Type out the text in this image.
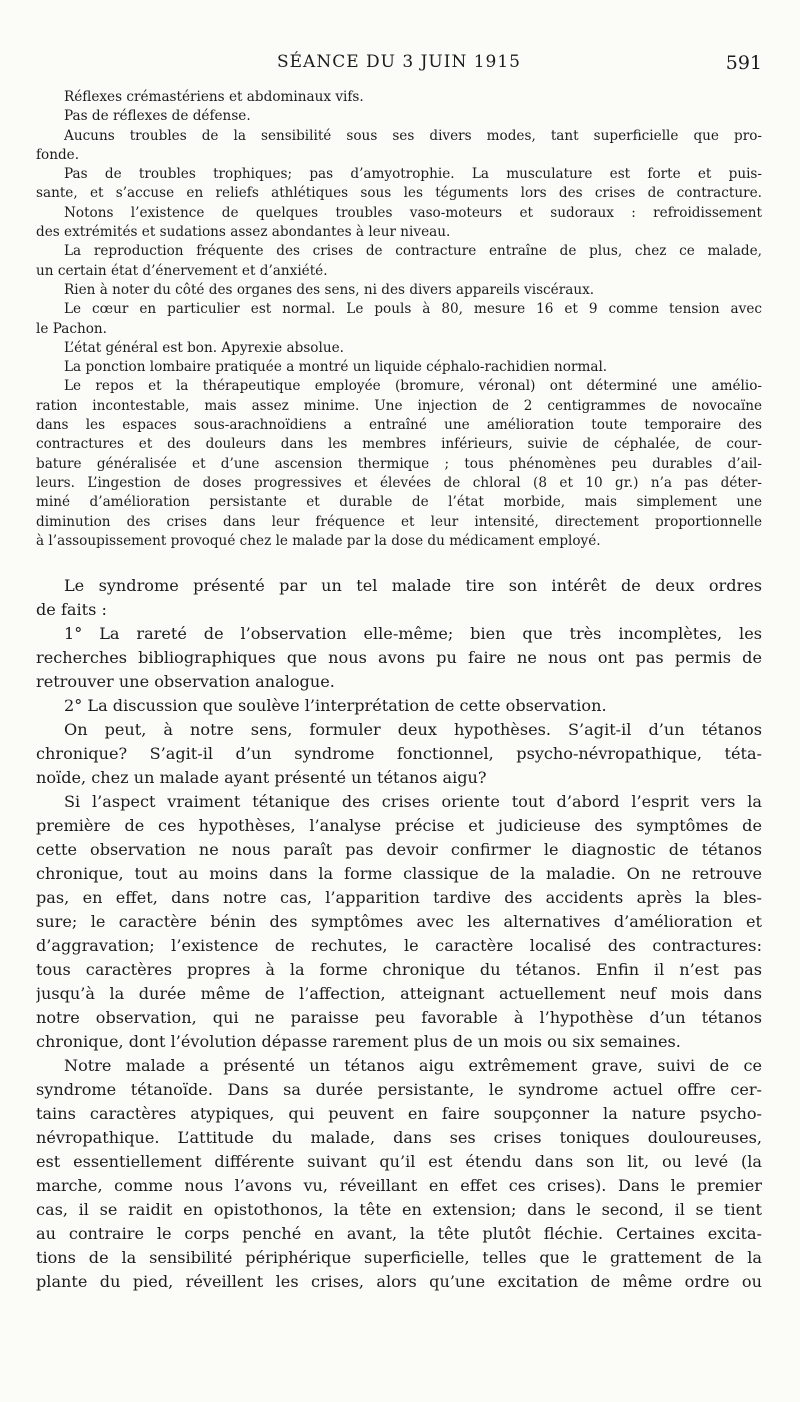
SÉANCE DU 3 JUIN 1915	591
Réflexes crémastériens et abdominaux vifs.
Pas de réflexes de défense.
Aucuns troubles de la sensibilité sous ses divers modes, tant superficielle que pro-
fonde.
Pas de troubles trophiques; pas d’amyotrophie. La musculature est forte et puis-
sante, et s’accuse en reliefs athlétiques sous les téguments lors des crises de contracture.
Notons l’existence de quelques troubles vaso-moteurs et sudoraux : refroidissement
des extrémités et sudations assez abondantes à leur niveau.
La reproduction fréquente des crises de contracture entraîne de plus, chez ce malade,
un certain état d’énervement et d’anxiété.
Rien à noter du côté des organes des sens, ni des divers appareils viscéraux.
Le cœur en particulier est normal. Le pouls à 80, mesure 16 et 9 comme tension avec
le Pachon.
L’état général est bon. Apyrexie absolue.
La ponction lombaire pratiquée a montré un liquide céphalo-rachidien normal.
Le repos et la thérapeutique employée (bromure, véronal) ont déterminé une amélio-
ration incontestable, mais assez minime. Une injection de 2 centigrammes de novocaïne
dans les espaces sous-arachnoïdiens a entraîné une amélioration toute temporaire des
contractures et des douleurs dans les membres inférieurs, suivie de céphalée, de cour-
bature généralisée et d’une ascension thermique ; tous phénomènes peu durables d’ail-
leurs. L’ingestion de doses progressives et élevées de chloral (8 et 10 gr.) n’a pas déter-
miné d’amélioration persistante et durable de l’état morbide, mais simplement une
diminution des crises dans leur fréquence et leur intensité, directement proportionnelle
à l’assoupissement provoqué chez le malade par la dose du médicament employé.
Le syndrome présenté par un tel malade tire son intérêt de deux ordres
de faits :
1° La rareté de l’observation elle-même; bien que très incomplètes, les
recherches bibliographiques que nous avons pu faire ne nous ont pas permis de
retrouver une observation analogue.
2° La discussion que soulève l’interprétation de cette observation.
On peut, à notre sens, formuler deux hypothèses. S’agit-il d’un tétanos
chronique? S’agit-il d’un syndrome fonctionnel, psycho-névropathique, téta-
noïde, chez un malade ayant présenté un tétanos aigu?
Si l’aspect vraiment tétanique des crises oriente tout d’abord l’esprit vers la
première de ces hypothèses, l’analyse précise et judicieuse des symptômes de
cette observation ne nous paraît pas devoir confirmer le diagnostic de tétanos
chronique, tout au moins dans la forme classique de la maladie. On ne retrouve
pas, en effet, dans notre cas, l’apparition tardive des accidents après la bles-
sure; le caractère bénin des symptômes avec les alternatives d’amélioration et
d’aggravation; l’existence de rechutes, le caractère localisé des contractures:
tous caractères propres à la forme chronique du tétanos. Enfin il n’est pas
jusqu’à la durée même de l’affection, atteignant actuellement neuf mois dans
notre observation, qui ne paraisse peu favorable à l’hypothèse d’un tétanos
chronique, dont l’évolution dépasse rarement plus de un mois ou six semaines.
Notre malade a présenté un tétanos aigu extrêmement grave, suivi de ce
syndrome tétanoïde. Dans sa durée persistante, le syndrome actuel offre cer-
tains caractères atypiques, qui peuvent en faire soupçonner la nature psycho-
névropathique. L’attitude du malade, dans ses crises toniques douloureuses,
est essentiellement différente suivant qu’il est étendu dans son lit, ou levé (la
marche, comme nous l’avons vu, réveillant en effet ces crises). Dans le premier
cas, il se raidit en opistothonos, la tête en extension; dans le second, il se tient
au contraire le corps penché en avant, la tête plutôt fléchie. Certaines excita-
tions de la sensibilité périphérique superficielle, telles que le grattement de la
plante du pied, réveillent les crises, alors qu’une excitation de même ordre ou
